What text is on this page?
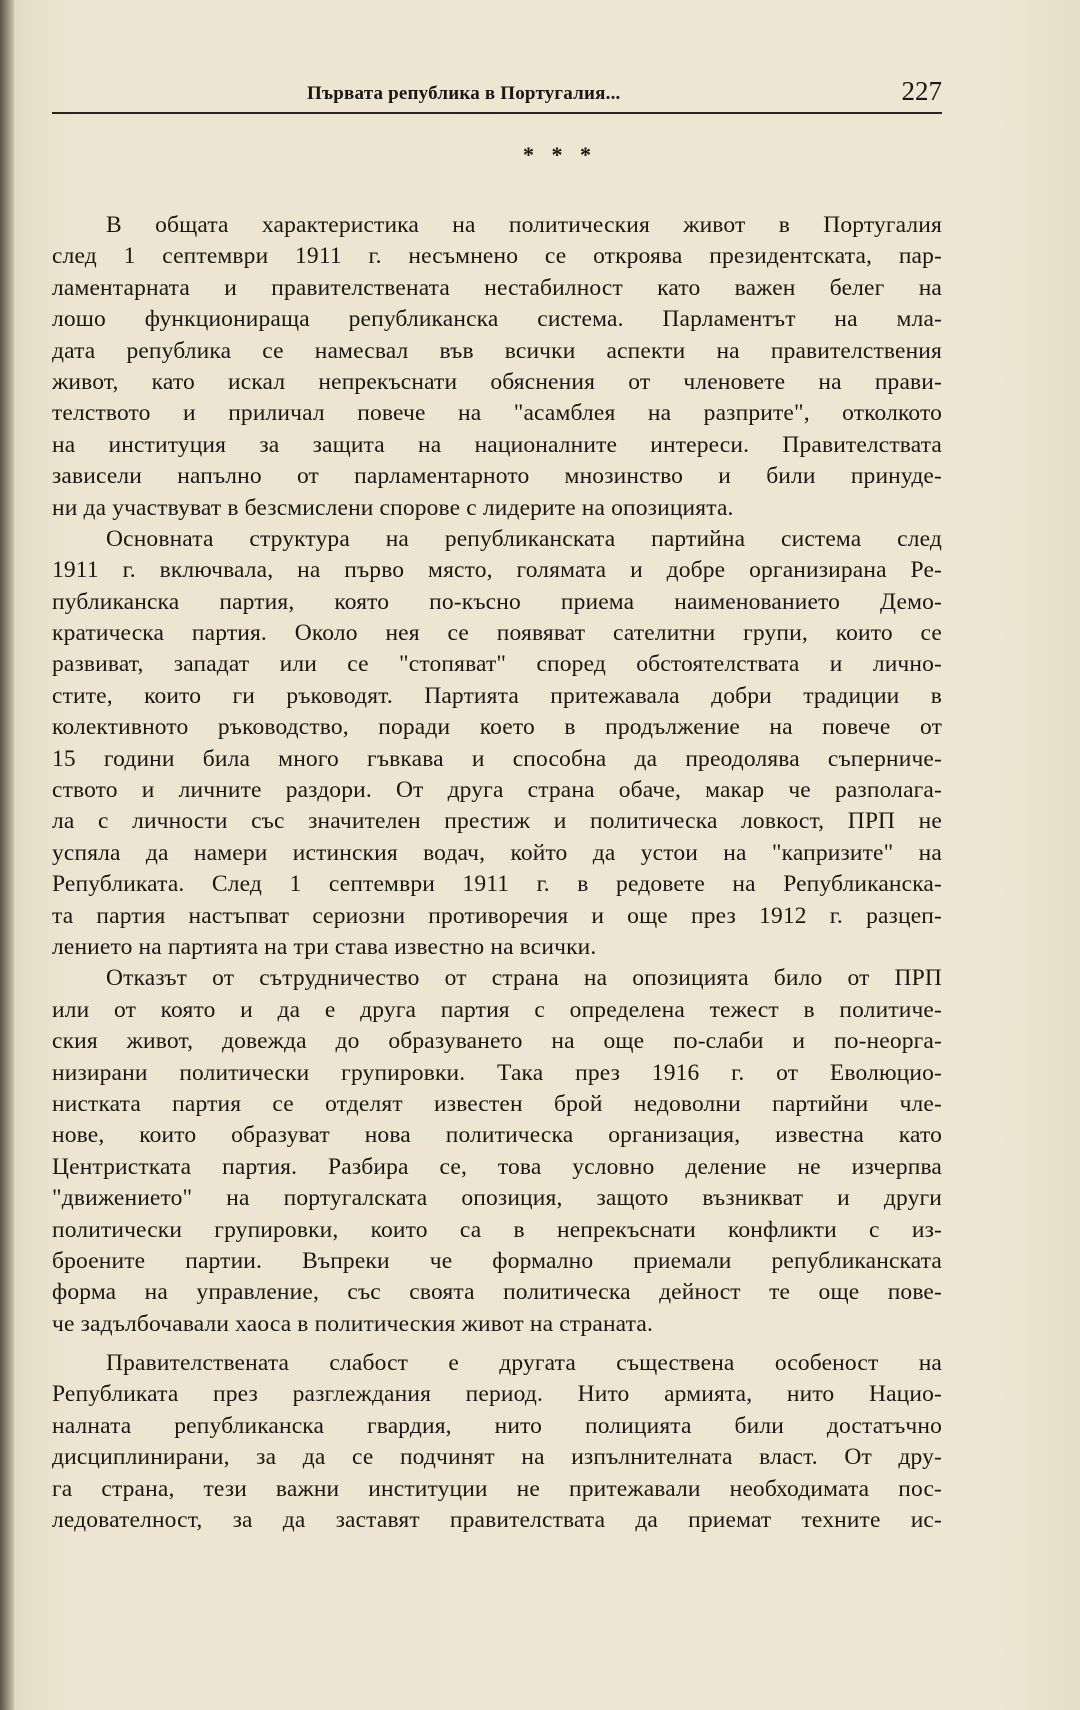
Първата република в Португалия...	227
* * *
В общата характеристика на политическия живот в Португалия
след 1 септември 1911 г. несъмнено се откроява президентската, пар-
ламентарната и правителствената нестабилност като важен белег на
лошо функционираща републиканска система. Парламентът на мла-
дата република се намесвал във всички аспекти на правителствения
живот, като искал непрекъснати обяснения от членовете на прави-
телството и приличал повече на "асамблея на разприте", отколкото
на институция за защита на националните интереси. Правителствата
зависели напълно от парламентарното мнозинство и били принуде-
ни да участвуват в безсмислени спорове с лидерите на опозицията.
Основната структура на републиканската партийна система след
1911 г. включвала, на първо място, голямата и добре организирана Ре-
публиканска партия, която по-късно приема наименованието Демо-
кратическа партия. Около нея се появяват сателитни групи, които се
развиват, западат или се "стопяват" според обстоятелствата и лично-
стите, които ги ръководят. Партията притежавала добри традиции в
колективното ръководство, поради което в продължение на повече от
15 години била много гъвкава и способна да преодолява съперниче-
ството и личните раздори. От друга страна обаче, макар че разполага-
ла с личности със значителен престиж и политическа ловкост, ПРП не
успяла да намери истинския водач, който да устои на "капризите" на
Републиката. След 1 септември 1911 г. в редовете на Републиканска-
та партия настъпват сериозни противоречия и още през 1912 г. разцеп-
лението на партията на три става известно на всички.
Отказът от сътрудничество от страна на опозицията било от ПРП
или от която и да е друга партия с определена тежест в политиче-
ския живот, довежда до образуването на още по-слаби и по-неорга-
низирани политически групировки. Така през 1916 г. от Еволюцио-
нистката партия се отделят известен брой недоволни партийни чле-
нове, които образуват нова политическа организация, известна като
Центристката партия. Разбира се, това условно деление не изчерпва
"движението" на португалската опозиция, защото възникват и други
политически групировки, които са в непрекъснати конфликти с из-
броените партии. Въпреки че формално приемали републиканската
форма на управление, със своята политическа дейност те още пове-
че задълбочавали хаоса в политическия живот на страната.
Правителствената слабост е другата съществена особеност на
Републиката през разглеждания период. Нито армията, нито Нацио-
налната републиканска гвардия, нито полицията били достатъчно
дисциплинирани, за да се подчинят на изпълнителната власт. От дру-
га страна, тези важни институции не притежавали необходимата пос-
ледователност, за да заставят правителствата да приемат техните ис-
